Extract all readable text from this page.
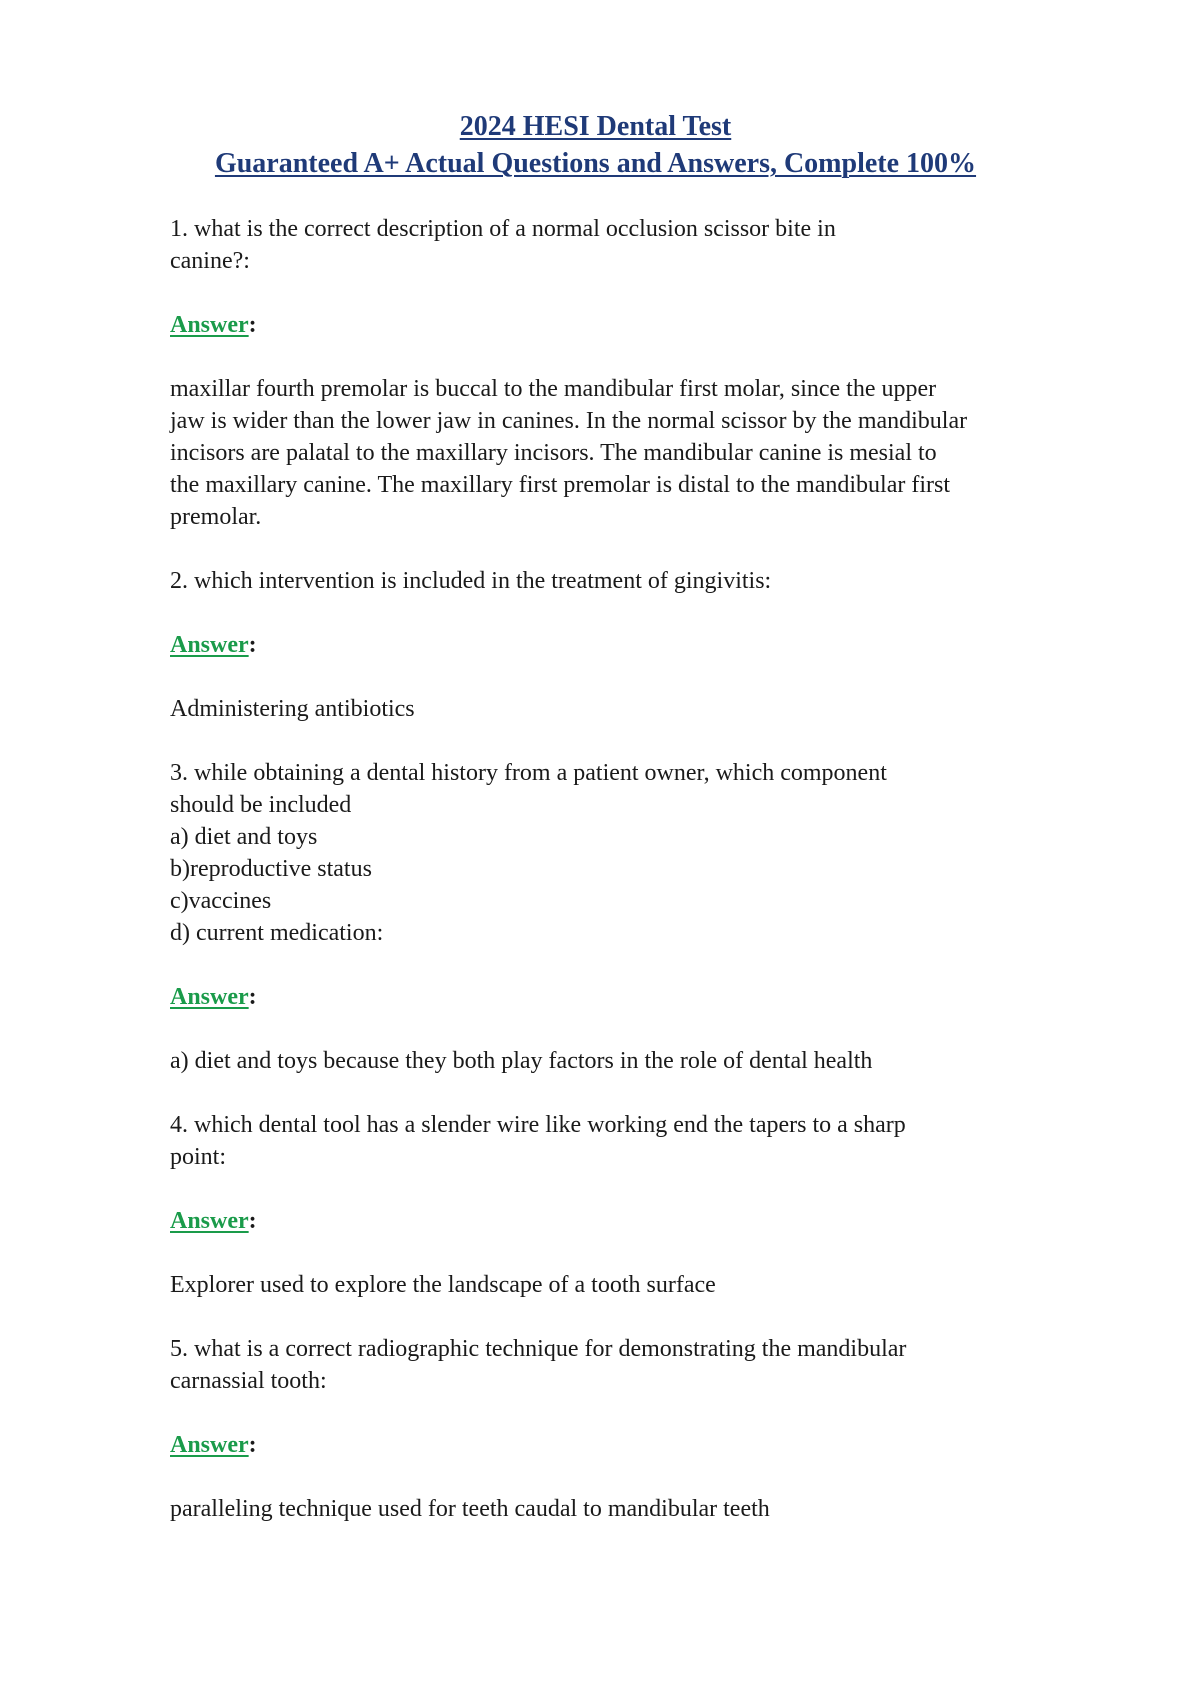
2024 HESI Dental Test
Guaranteed A+ Actual Questions and Answers, Complete 100%

1. what is the correct description of a normal occlusion scissor bite in

canine?:

Answer:

maxillar fourth premolar is buccal to the mandibular first molar, since the upper

jaw is wider than the lower jaw in canines. In the normal scissor by the mandibular

incisors are palatal to the maxillary incisors. The mandibular canine is mesial to

the maxillary canine. The maxillary first premolar is distal to the mandibular first

premolar.

2. which intervention is included in the treatment of gingivitis:

Answer:

Administering antibiotics

3. while obtaining a dental history from a patient owner, which component

should be included

a) diet and toys

b)reproductive status

c)vaccines

d) current medication:

Answer:

a) diet and toys because they both play factors in the role of dental health

4. which dental tool has a slender wire like working end the tapers to a sharp

point:

Answer:

Explorer used to explore the landscape of a tooth surface

5. what is a correct radiographic technique for demonstrating the mandibular

carnassial tooth:

Answer:

paralleling technique used for teeth caudal to mandibular teeth
